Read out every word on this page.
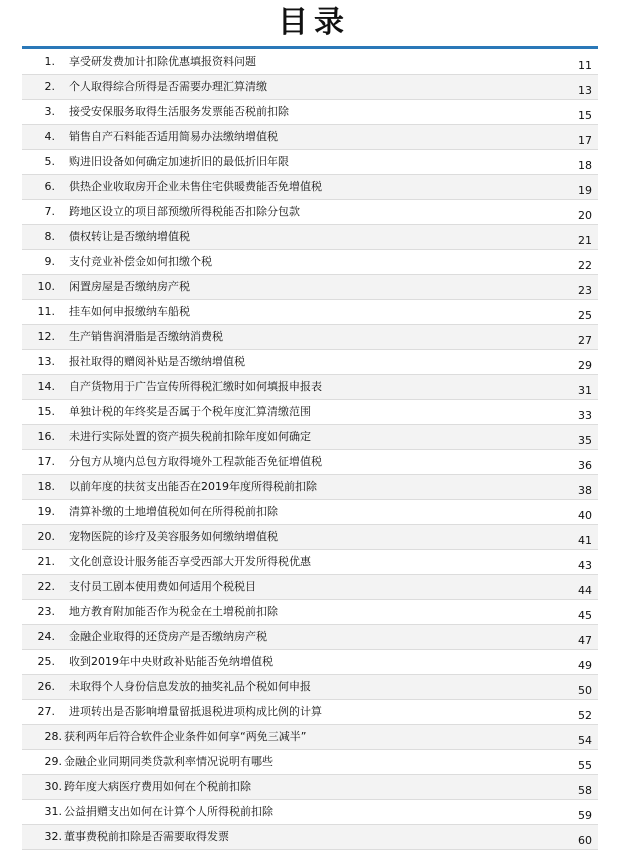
目录
1. 享受研发费加计扣除优惠填报资料问题	11
2. 个人取得综合所得是否需要办理汇算清缴	13
3. 接受安保服务取得生活服务发票能否税前扣除	15
4. 销售自产石料能否适用简易办法缴纳增值税	17
5. 购进旧设备如何确定加速折旧的最低折旧年限	18
6. 供热企业收取房开企业未售住宅供暖费能否免增值税	19
7. 跨地区设立的项目部预缴所得税能否扣除分包款	20
8. 债权转让是否缴纳增值税	21
9. 支付竞业补偿金如何扣缴个税	22
10. 闲置房屋是否缴纳房产税	23
11. 挂车如何申报缴纳车船税	25
12. 生产销售润滑脂是否缴纳消费税	27
13. 报社取得的赠阅补贴是否缴纳增值税	29
14. 自产货物用于广告宣传所得税汇缴时如何填报申报表	31
15. 单独计税的年终奖是否属于个税年度汇算清缴范围	33
16. 未进行实际处置的资产损失税前扣除年度如何确定	35
17. 分包方从境内总包方取得境外工程款能否免征增值税	36
18. 以前年度的扶贫支出能否在2019年度所得税前扣除	38
19. 清算补缴的土地增值税如何在所得税前扣除	40
20. 宠物医院的诊疗及美容服务如何缴纳增值税	41
21. 文化创意设计服务能否享受西部大开发所得税优惠	43
22. 支付员工剧本使用费如何适用个税税目	44
23. 地方教育附加能否作为税金在土增税前扣除	45
24. 金融企业取得的还贷房产是否缴纳房产税	47
25. 收到2019年中央财政补贴能否免纳增值税	49
26. 未取得个人身份信息发放的抽奖礼品个税如何申报	50
27. 进项转出是否影响增量留抵退税进项构成比例的计算	52
28. 获利两年后符合软件企业条件如何享“两免三减半”	54
29. 金融企业同期同类贷款利率情况说明有哪些	55
30. 跨年度大病医疗费用如何在个税前扣除	58
31. 公益捐赠支出如何在计算个人所得税前扣除	59
32. 董事费税前扣除是否需要取得发票	60
